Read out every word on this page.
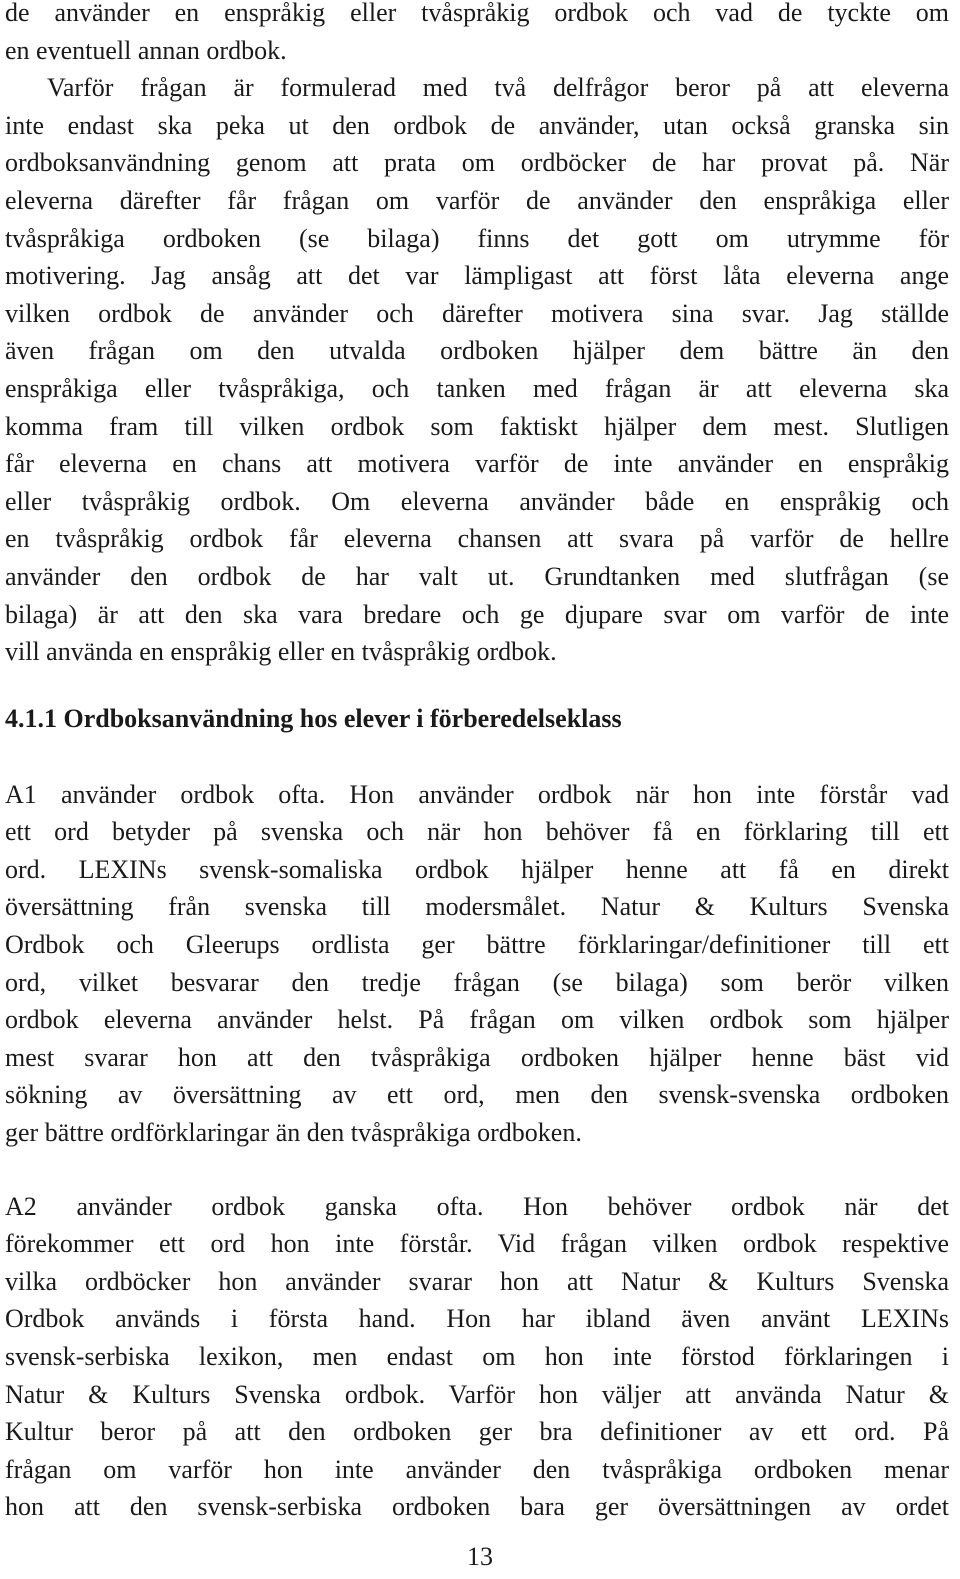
de använder en enspråkig eller tvåspråkig ordbok och vad de tyckte om
en eventuell annan ordbok.

Varför frågan är formulerad med två delfrågor beror på att eleverna
inte endast ska peka ut den ordbok de använder, utan också granska sin
ordboksanvändning genom att prata om ordböcker de har provat på. När
eleverna därefter får frågan om varför de använder den enspråkiga eller
tvåspråkiga ordboken (se bilaga) finns det gott om utrymme för
motivering. Jag ansåg att det var lämpligast att först låta eleverna ange
vilken ordbok de använder och därefter motivera sina svar. Jag ställde
även frågan om den utvalda ordboken hjälper dem bättre än den
enspråkiga eller tvåspråkiga, och tanken med frågan är att eleverna ska
komma fram till vilken ordbok som faktiskt hjälper dem mest. Slutligen
får eleverna en chans att motivera varför de inte använder en enspråkig
eller tvåspråkig ordbok. Om eleverna använder både en enspråkig och
en tvåspråkig ordbok får eleverna chansen att svara på varför de hellre
använder den ordbok de har valt ut. Grundtanken med slutfrågan (se
bilaga) är att den ska vara bredare och ge djupare svar om varför de inte
vill använda en enspråkig eller en tvåspråkig ordbok.

4.1.1 Ordboksanvändning hos elever i förberedelseklass

A1 använder ordbok ofta. Hon använder ordbok när hon inte förstår vad
ett ord betyder på svenska och när hon behöver få en förklaring till ett
ord. LEXINs svensk-somaliska ordbok hjälper henne att få en direkt
översättning från svenska till modersmålet. Natur & Kulturs Svenska
Ordbok och Gleerups ordlista ger bättre förklaringar/definitioner till ett
ord, vilket besvarar den tredje frågan (se bilaga) som berör vilken
ordbok eleverna använder helst. På frågan om vilken ordbok som hjälper
mest svarar hon att den tvåspråkiga ordboken hjälper henne bäst vid
sökning av översättning av ett ord, men den svensk-svenska ordboken
ger bättre ordförklaringar än den tvåspråkiga ordboken.

A2 använder ordbok ganska ofta. Hon behöver ordbok när det
förekommer ett ord hon inte förstår. Vid frågan vilken ordbok respektive
vilka ordböcker hon använder svarar hon att Natur & Kulturs Svenska
Ordbok används i första hand. Hon har ibland även använt LEXINs
svensk-serbiska lexikon, men endast om hon inte förstod förklaringen i
Natur & Kulturs Svenska ordbok. Varför hon väljer att använda Natur &
Kultur beror på att den ordboken ger bra definitioner av ett ord. På
frågan om varför hon inte använder den tvåspråkiga ordboken menar
hon att den svensk-serbiska ordboken bara ger översättningen av ordet

13
